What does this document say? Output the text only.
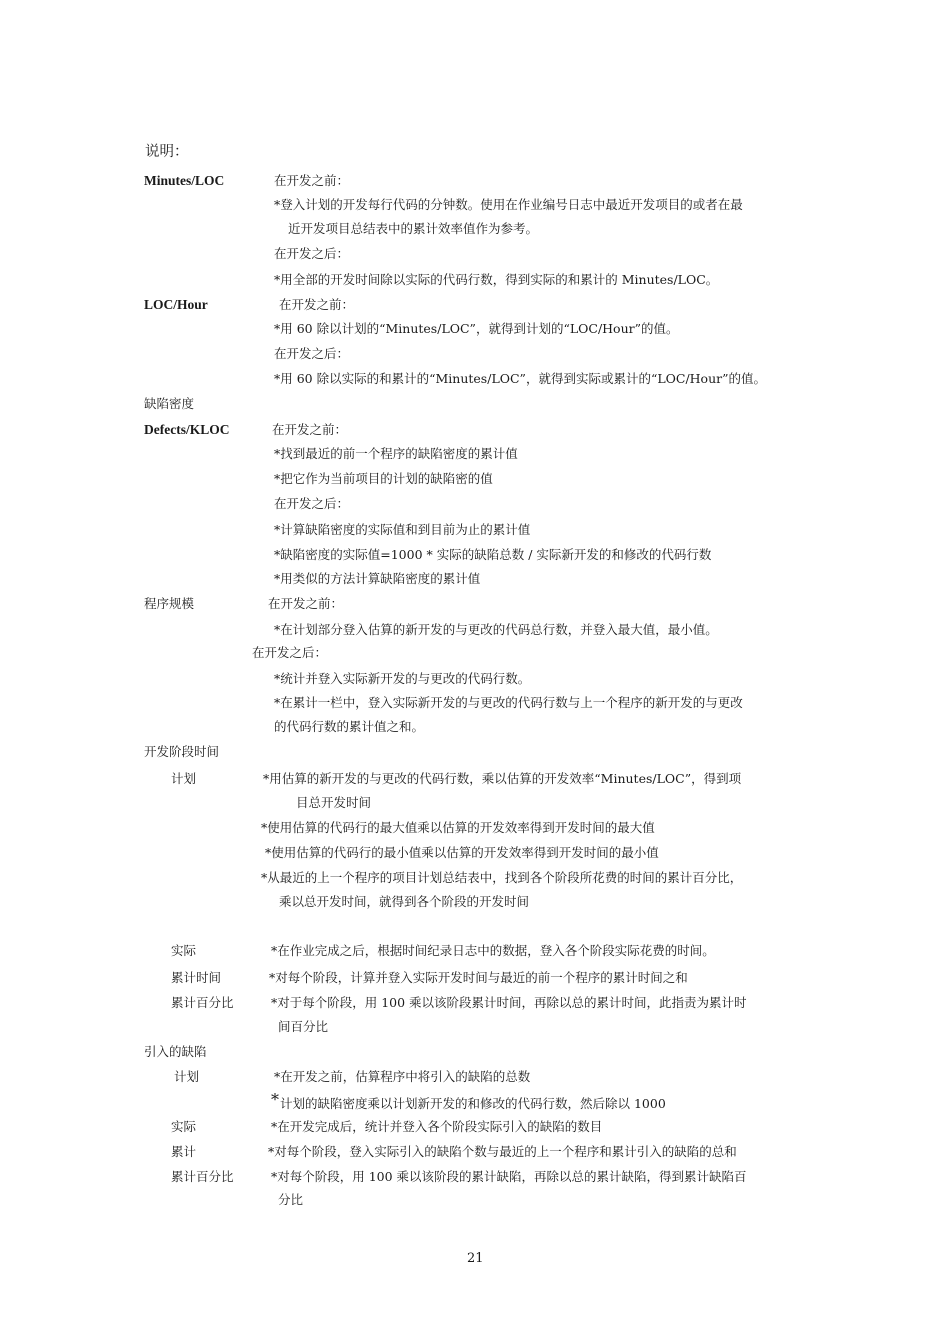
说明：
Minutes/LOC	在开发之前：
*登入计划的开发每行代码的分钟数。使用在作业编号日志中最近开发项目的或者在最
近开发项目总结表中的累计效率值作为参考。
在开发之后：
*用全部的开发时间除以实际的代码行数，得到实际的和累计的 Minutes/LOC。
LOC/Hour	在开发之前：
*用 60 除以计划的“Minutes/LOC”，就得到计划的“LOC/Hour”的值。
在开发之后：
*用 60 除以实际的和累计的“Minutes/LOC”，就得到实际或累计的“LOC/Hour”的值。
缺陷密度
Defects/KLOC	在开发之前：
*找到最近的前一个程序的缺陷密度的累计值
*把它作为当前项目的计划的缺陷密的值
在开发之后：
*计算缺陷密度的实际值和到目前为止的累计值
*缺陷密度的实际值=1000 * 实际的缺陷总数 / 实际新开发的和修改的代码行数
*用类似的方法计算缺陷密度的累计值
程序规模	在开发之前：
*在计划部分登入估算的新开发的与更改的代码总行数，并登入最大值，最小值。
在开发之后：
*统计并登入实际新开发的与更改的代码行数。
*在累计一栏中，登入实际新开发的与更改的代码行数与上一个程序的新开发的与更改
的代码行数的累计值之和。
开发阶段时间
计划	*用估算的新开发的与更改的代码行数，乘以估算的开发效率“Minutes/LOC”，得到项
目总开发时间
*使用估算的代码行的最大值乘以估算的开发效率得到开发时间的最大值
*使用估算的代码行的最小值乘以估算的开发效率得到开发时间的最小值
*从最近的上一个程序的项目计划总结表中，找到各个阶段所花费的时间的累计百分比，
乘以总开发时间，就得到各个阶段的开发时间
实际	*在作业完成之后，根据时间纪录日志中的数据，登入各个阶段实际花费的时间。
累计时间	*对每个阶段，计算并登入实际开发时间与最近的前一个程序的累计时间之和
累计百分比	*对于每个阶段，用 100 乘以该阶段累计时间，再除以总的累计时间，此指责为累计时
间百分比
引入的缺陷
计划	*在开发之前，估算程序中将引入的缺陷的总数
* 计划的缺陷密度乘以计划新开发的和修改的代码行数，然后除以 1000
实际	*在开发完成后，统计并登入各个阶段实际引入的缺陷的数目
累计	*对每个阶段，登入实际引入的缺陷个数与最近的上一个程序和累计引入的缺陷的总和
累计百分比	*对每个阶段，用 100 乘以该阶段的累计缺陷，再除以总的累计缺陷，得到累计缺陷百
分比
21
